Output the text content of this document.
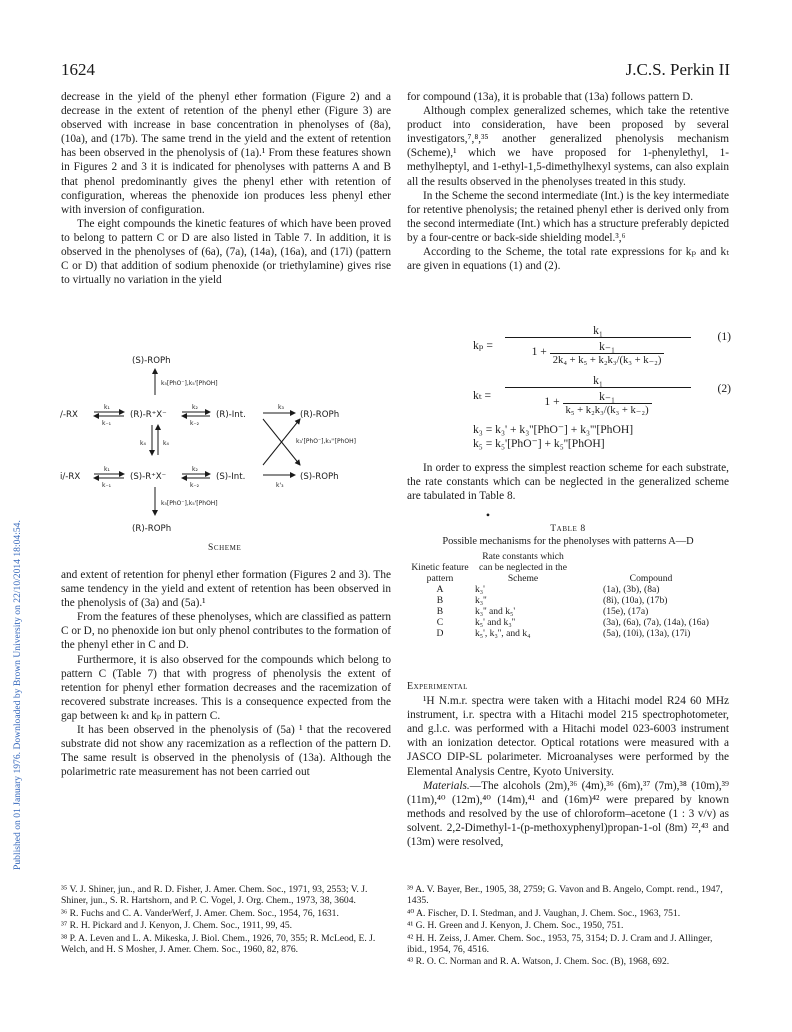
Published on 01 January 1976. Downloaded by Brown University on 22/10/2014 18:04:54.
1624	J.C.S. Perkin II

decrease in the yield of the phenyl ether formation (Figure 2) and a decrease in the extent of retention of the phenyl ether (Figure 3) are observed with increase in base concentration in phenolyses of (8a), (10a), and (17b). The same trend in the yield and the extent of retention has been observed in the phenolysis of (1a).¹ From these features shown in Figures 2 and 3 it is indicated for phenolyses with patterns A and B that phenol predominantly gives the phenyl ether with retention of configuration, whereas the phenoxide ion produces less phenyl ether with inversion of configuration.

The eight compounds the kinetic features of which have been proved to belong to pattern C or D are also listed in Table 7. In addition, it is observed in the phenolyses of (6a), (7a), (14a), (16a), and (17i) (pattern C or D) that addition of sodium phenoxide (or triethylamine) gives rise to virtually no variation in the yield

(S)-ROPh
k₅[PhO⁻],k₅'[PhOH]
/-RX
k₁
k₋₁
(R)-R⁺X⁻
k₂
k₋₂
(R)-Int.
k₃
(R)-ROPh
k₄	k₄	k₃'[PhO⁻],k₃''[PhOH]
i/-RX
k₁
k₋₁
(S)-R⁺X⁻
k₂
k₋₂
(S)-Int.
k'₃
(S)-ROPh
k₅[PhO⁻],k₅'[PhOH]
(R)-ROPh
Scheme

and extent of retention for phenyl ether formation (Figures 2 and 3). The same tendency in the yield and extent of retention has been observed in the phenolysis of (3a) and (5a).¹

From the features of these phenolyses, which are classified as pattern C or D, no phenoxide ion but only phenol contributes to the formation of the phenyl ether in C and D.

Furthermore, it is also observed for the compounds which belong to pattern C (Table 7) that with progress of phenolysis the extent of retention for phenyl ether formation decreases and the racemization of recovered substrate increases. This is a consequence expected from the gap between kₜ and kₚ in pattern C.

It has been observed in the phenolysis of (5a) ¹ that the recovered substrate did not show any racemization as a reflection of the pattern D. The same result is observed in the phenolysis of (13a). Although the polarimetric rate measurement has not been carried out

for compound (13a), it is probable that (13a) follows pattern D.

Although complex generalized schemes, which take the retentive product into consideration, have been proposed by several investigators,⁷,⁸,³⁵ another generalized phenolysis mechanism (Scheme),¹ which we have proposed for 1-phenylethyl, 1-methylheptyl, and 1-ethyl-1,5-dimethylhexyl systems, can also explain all the results observed in the phenolyses treated in this study.

In the Scheme the second intermediate (Int.) is the key intermediate for retentive phenolysis; the retained phenyl ether is derived only from the second intermediate (Int.) which has a structure preferably depicted by a four-centre or back-side shielding model.³,⁶

According to the Scheme, the total rate expressions for kₚ and kₜ are given in equations (1) and (2).

kₚ =
k₁
$1 + \frac{\text{k₋₁}}{\text{2k₄ + k₅ + k₂k₃/(k₃ + k₋₂)}}$
(1)
kₜ =
k₁
$1 + \frac{\text{k₋₁}}{\text{k₅ + k₂k₃/(k₃ + k₋₂)}}$
(2)
k₃ = k₃' + k₃''[PhO⁻] + k₃'''[PhOH]
k₅ = k₅'[PhO⁻] + k₅''[PhOH]

In order to express the simplest reaction scheme for each substrate, the rate constants which can be neglected in the generalized scheme are tabulated in Table 8.

•
Table 8
Possible mechanisms for the phenolyses with patterns A—D
Kinetic feature pattern	Rate constants which can be neglected in the Scheme	Compound
A	k₃'	(1a), (3b), (8a)
B	k₃''	(8i), (10a), (17b)
B	k₃'' and k₅'	(15e), (17a)
C	k₅' and k₃''	(3a), (6a), (7a), (14a), (16a)
D	k₅', k₃'', and k₄	(5a), (10i), (13a), (17i)

Experimental

¹H N.m.r. spectra were taken with a Hitachi model R24 60 MHz instrument, i.r. spectra with a Hitachi model 215 spectrophotometer, and g.l.c. was performed with a Hitachi model 023-6003 instrument with an ionization detector. Optical rotations were measured with a JASCO DIP-SL polarimeter. Microanalyses were performed by the Elemental Analysis Centre, Kyoto University.

Materials.—The alcohols (2m),³⁶ (4m),³⁶ (6m),³⁷ (7m),³⁸ (10m),³⁹ (11m),⁴⁰ (12m),⁴⁰ (14m),⁴¹ and (16m)⁴² were prepared by known methods and resolved by the use of chloroform–acetone (1 : 3 v/v) as solvent. 2,2-Dimethyl-1-(p-methoxyphenyl)propan-1-ol (8m) ²²,⁴³ and (13m) were resolved,

³⁵ V. J. Shiner, jun., and R. D. Fisher, J. Amer. Chem. Soc., 1971, 93, 2553; V. J. Shiner, jun., S. R. Hartshorn, and P. C. Vogel, J. Org. Chem., 1973, 38, 3604.

³⁶ R. Fuchs and C. A. VanderWerf, J. Amer. Chem. Soc., 1954, 76, 1631.

³⁷ R. H. Pickard and J. Kenyon, J. Chem. Soc., 1911, 99, 45.

³⁸ P. A. Leven and L. A. Mikeska, J. Biol. Chem., 1926, 70, 355; R. McLeod, E. J. Welch, and H. S Mosher, J. Amer. Chem. Soc., 1960, 82, 876.

³⁹ A. V. Bayer, Ber., 1905, 38, 2759; G. Vavon and B. Angelo, Compt. rend., 1947, 1435.

⁴⁰ A. Fischer, D. I. Stedman, and J. Vaughan, J. Chem. Soc., 1963, 751.

⁴¹ G. H. Green and J. Kenyon, J. Chem. Soc., 1950, 751.

⁴² H. H. Zeiss, J. Amer. Chem. Soc., 1953, 75, 3154; D. J. Cram and J. Allinger, ibid., 1954, 76, 4516.

⁴³ R. O. C. Norman and R. A. Watson, J. Chem. Soc. (B), 1968, 692.
